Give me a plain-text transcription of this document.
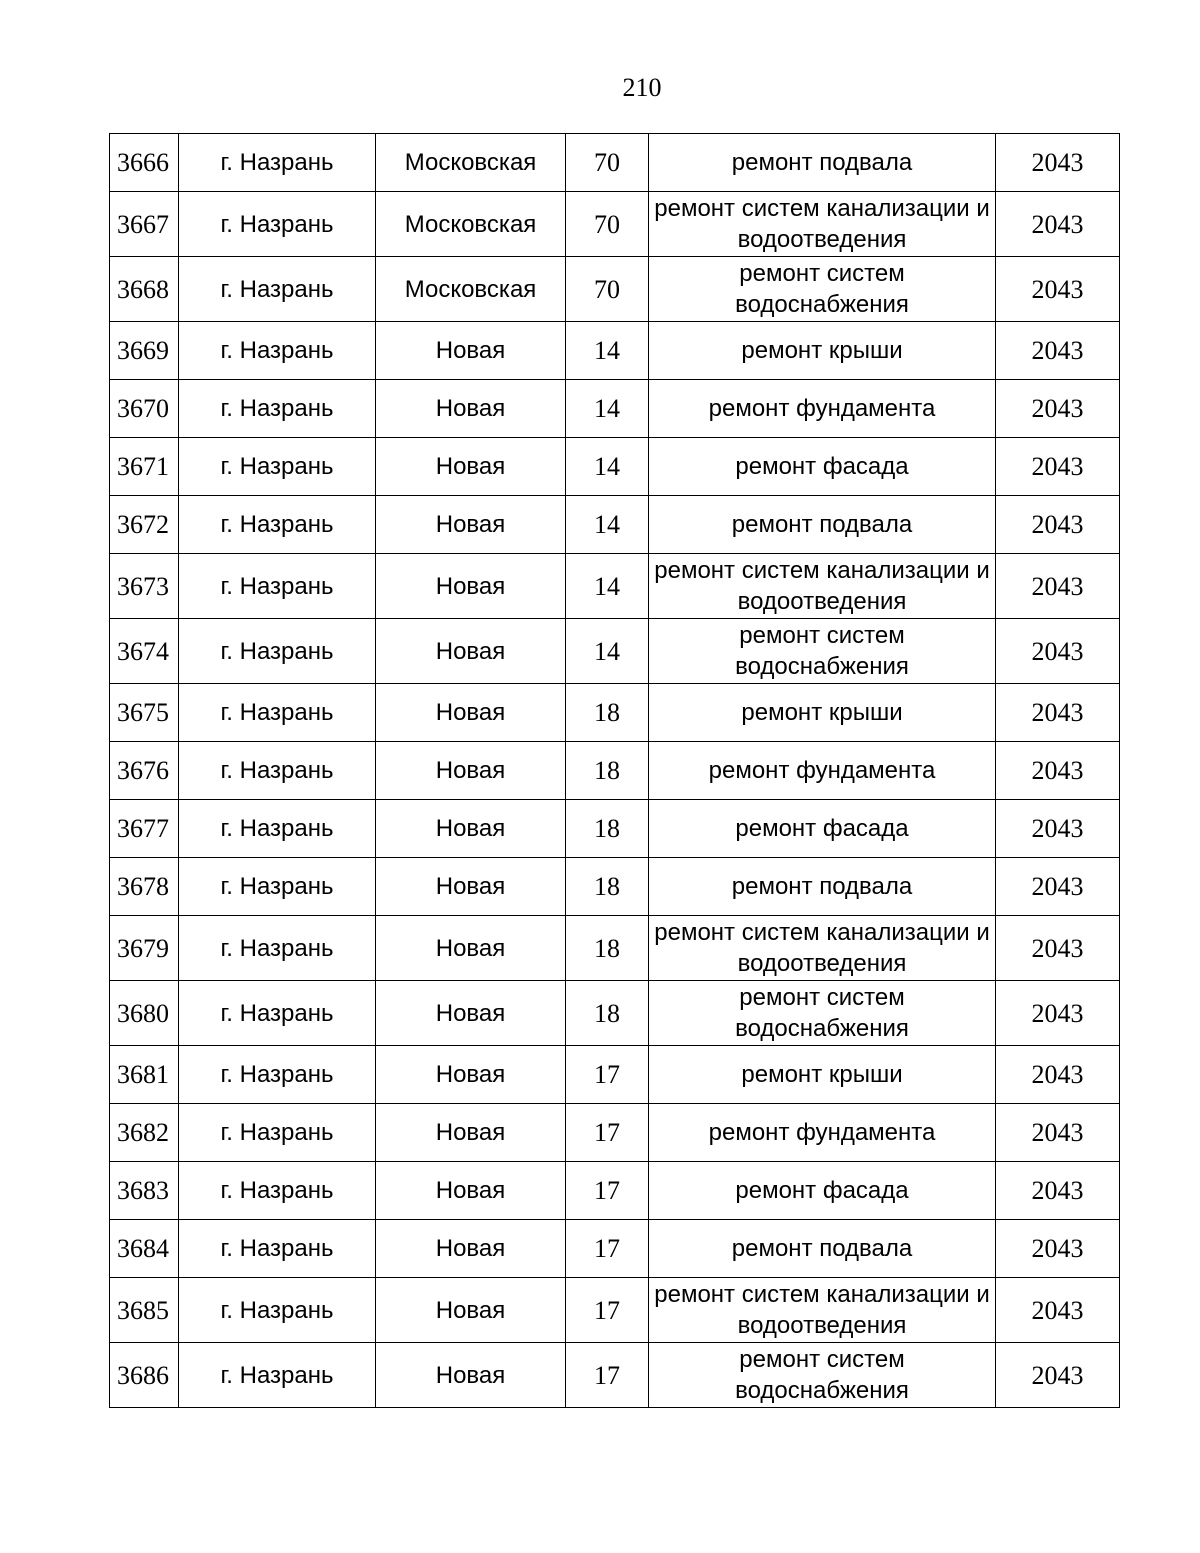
210
3666	г. Назрань	Московская	70	ремонт подвала	2043
3667	г. Назрань	Московская	70	ремонт систем канализации и водоотведения	2043
3668	г. Назрань	Московская	70	ремонт систем водоснабжения	2043
3669	г. Назрань	Новая	14	ремонт крыши	2043
3670	г. Назрань	Новая	14	ремонт фундамента	2043
3671	г. Назрань	Новая	14	ремонт фасада	2043
3672	г. Назрань	Новая	14	ремонт подвала	2043
3673	г. Назрань	Новая	14	ремонт систем канализации и водоотведения	2043
3674	г. Назрань	Новая	14	ремонт систем водоснабжения	2043
3675	г. Назрань	Новая	18	ремонт крыши	2043
3676	г. Назрань	Новая	18	ремонт фундамента	2043
3677	г. Назрань	Новая	18	ремонт фасада	2043
3678	г. Назрань	Новая	18	ремонт подвала	2043
3679	г. Назрань	Новая	18	ремонт систем канализации и водоотведения	2043
3680	г. Назрань	Новая	18	ремонт систем водоснабжения	2043
3681	г. Назрань	Новая	17	ремонт крыши	2043
3682	г. Назрань	Новая	17	ремонт фундамента	2043
3683	г. Назрань	Новая	17	ремонт фасада	2043
3684	г. Назрань	Новая	17	ремонт подвала	2043
3685	г. Назрань	Новая	17	ремонт систем канализации и водоотведения	2043
3686	г. Назрань	Новая	17	ремонт систем водоснабжения	2043
